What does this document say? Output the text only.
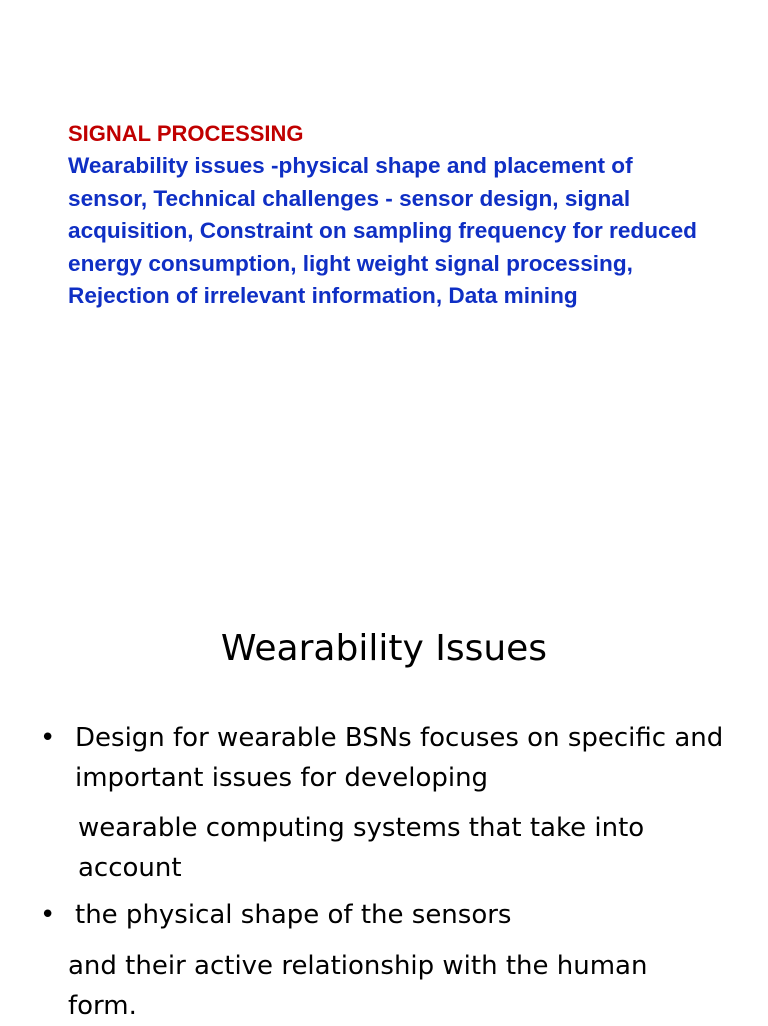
SIGNAL PROCESSING

Wearability issues -physical shape and placement of sensor, Technical challenges - sensor design, signal acquisition, Constraint on sampling frequency for reduced energy consumption, light weight signal processing, Rejection of irrelevant information, Data mining

Wearability Issues
• Design for wearable BSNs focuses on specific and important issues for developing
wearable computing systems that take into account
• the physical shape of the sensors
and their active relationship with the human form.
